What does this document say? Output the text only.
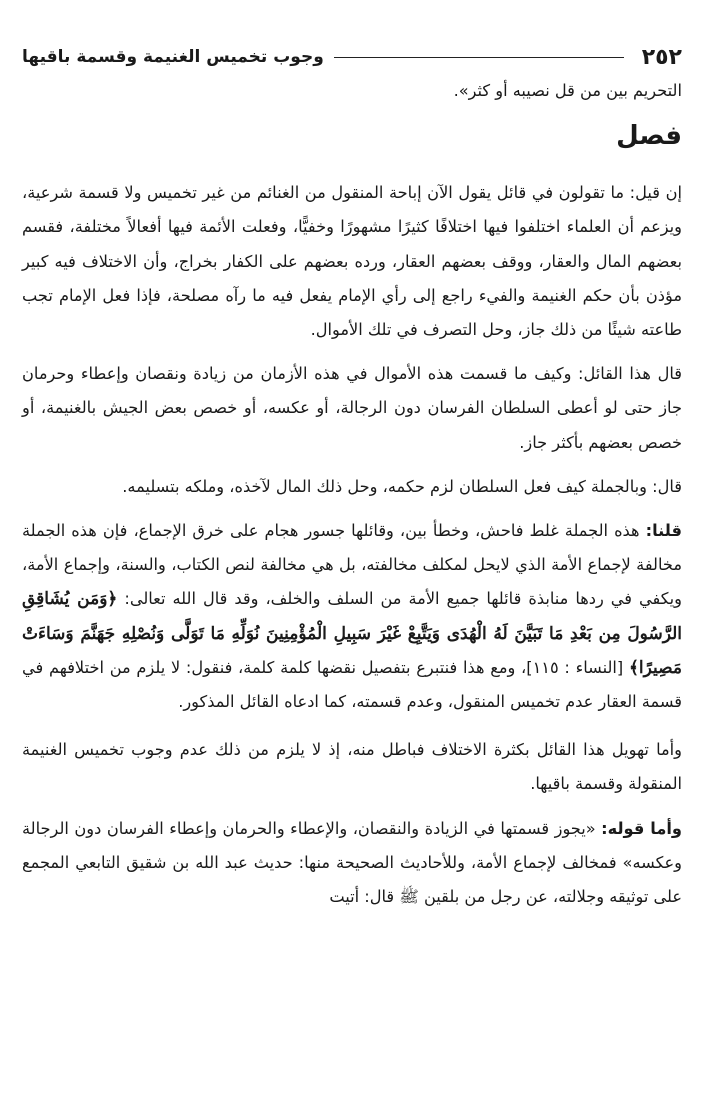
٢٥٢
وجوب تخميس الغنيمة وقسمة باقيها

التحريم بين من قل نصيبه أو كثر».

فصل

إن قيل: ما تقولون في قائل يقول الآن إباحة المنقول من الغنائم من غير تخميس ولا قسمة شرعية، ويزعم أن العلماء اختلفوا فيها اختلافًا كثيرًا مشهورًا وخفيًّا، وفعلت الأئمة فيها أفعالاً مختلفة، فقسم بعضهم المال والعقار، ووقف بعضهم العقار، ورده بعضهم على الكفار بخراج، وأن الاختلاف فيه كبير مؤذن بأن حكم الغنيمة والفيء راجع إلى رأي الإمام يفعل فيه ما رآه مصلحة، فإذا فعل الإمام تجب طاعته شيئًا من ذلك جاز، وحل التصرف في تلك الأموال.

قال هذا القائل: وكيف ما قسمت هذه الأموال في هذه الأزمان من زيادة ونقصان وإعطاء وحرمان جاز حتى لو أعطى السلطان الفرسان دون الرجالة، أو عكسه، أو خصص بعض الجيش بالغنيمة، أو خصص بعضهم بأكثر جاز.

قال: وبالجملة كيف فعل السلطان لزم حكمه، وحل ذلك المال لآخذه، وملكه بتسليمه.

قلنا: هذه الجملة غلط فاحش، وخطأ بين، وقائلها جسور هجام على خرق الإجماع، فإن هذه الجملة مخالفة لإجماع الأمة الذي لايحل لمكلف مخالفته، بل هي مخالفة لنص الكتاب، والسنة، وإجماع الأمة، ويكفي في ردها منابذة قائلها جميع الأمة من السلف والخلف، وقد قال الله تعالى: ﴿وَمَن يُشَاقِقِ الرَّسُولَ مِن بَعْدِ مَا تَبَيَّنَ لَهُ الْهُدَى وَيَتَّبِعْ غَيْرَ سَبِيلِ الْمُؤْمِنِينَ نُوَلِّهِ مَا تَوَلَّى وَنُصْلِهِ جَهَنَّمَ وَسَاءَتْ مَصِيرًا﴾ [النساء : ١١٥]، ومع هذا فنتبرع بتفصيل نقضها كلمة كلمة، فنقول: لا يلزم من اختلافهم في قسمة العقار عدم تخميس المنقول، وعدم قسمته، كما ادعاه القائل المذكور.

وأما تهويل هذا القائل بكثرة الاختلاف فباطل منه، إذ لا يلزم من ذلك عدم وجوب تخميس الغنيمة المنقولة وقسمة باقيها.

وأما قوله: «يجوز قسمتها في الزيادة والنقصان، والإعطاء والحرمان وإعطاء الفرسان دون الرجالة وعكسه» فمخالف لإجماع الأمة، وللأحاديث الصحيحة منها: حديث عبد الله بن شقيق التابعي المجمع على توثيقه وجلالته، عن رجل من بلقين ﷺ قال: أتيت
